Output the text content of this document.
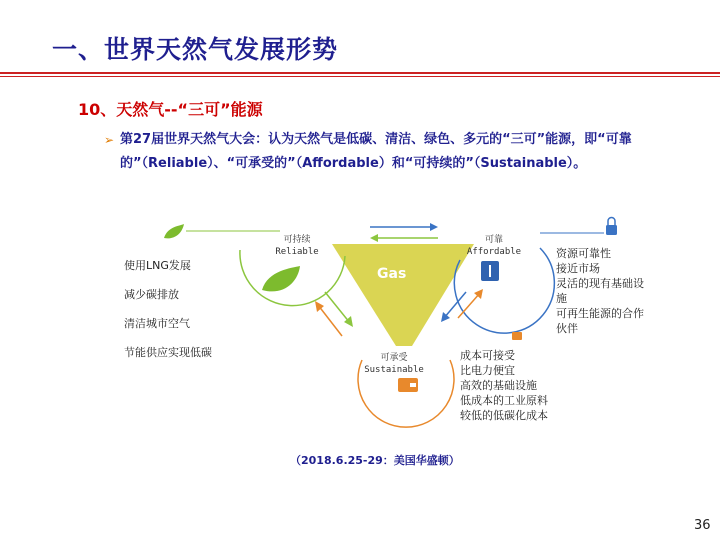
一、世界天然气发展形势
10、天然气--“三可”能源
➢ 第27届世界天然气大会：认为天然气是低碳、清洁、绿色、多元的“三可”能源，即“可靠的”（Reliable）、“可承受的”（Affordable）和“可持续的”（Sustainable）。
Gas
可持续
Reliable
可靠
Affordable
可承受
Sustainable
使用LNG发展
减少碳排放
清洁城市空气
节能供应实现低碳
资源可靠性
接近市场
灵活的现有基础设
施
可再生能源的合作
伙伴
成本可接受
比电力便宜
高效的基础设施
低成本的工业原料
较低的低碳化成本
（2018.6.25-29：美国华盛顿）
36
